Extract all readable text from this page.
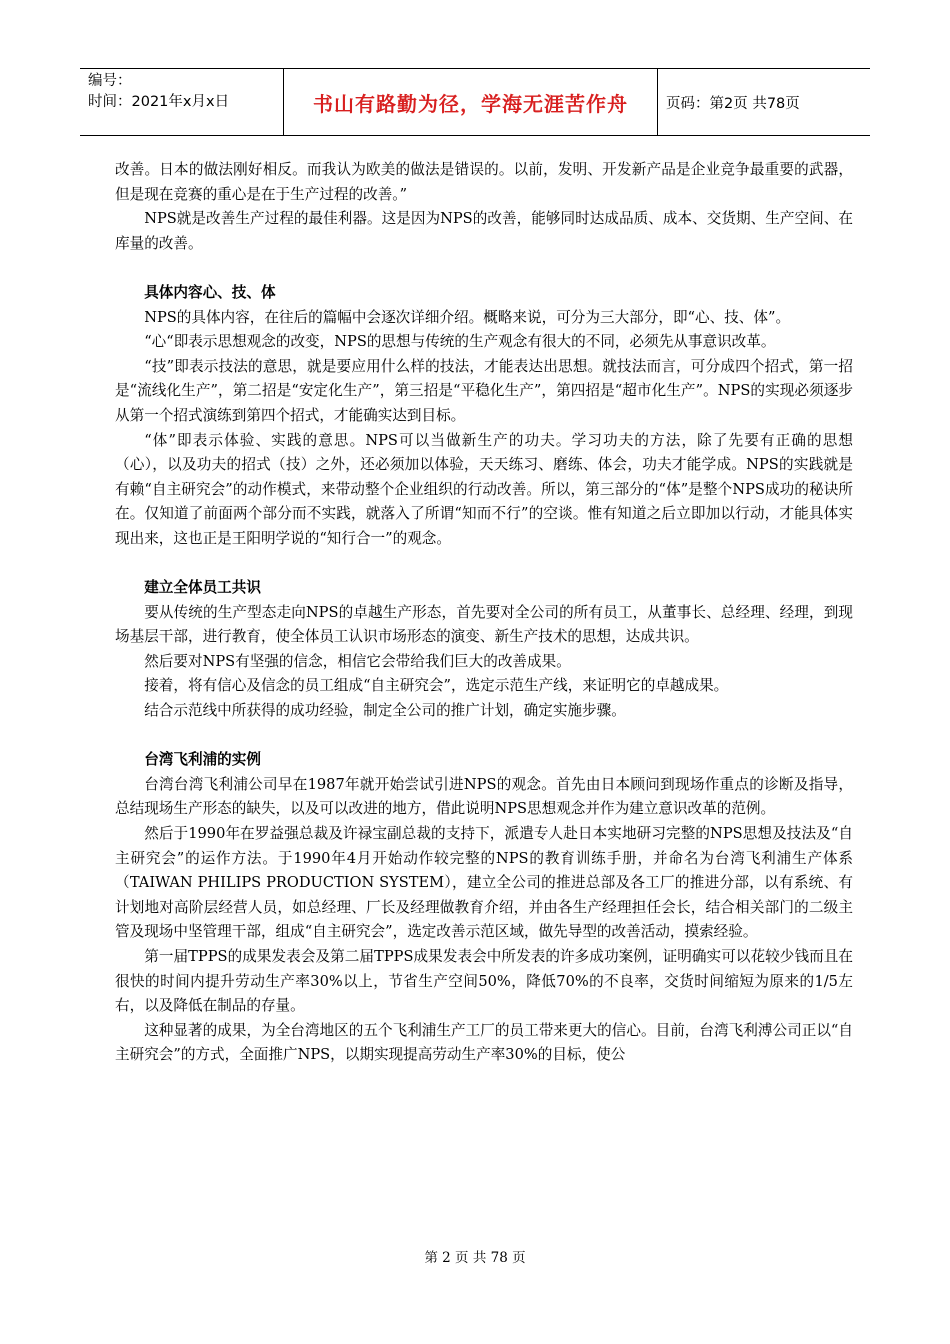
编号：
时间：2021年x月x日	书山有路勤为径，学海无涯苦作舟	页码：第2页 共78页

改善。日本的做法刚好相反。而我认为欧美的做法是错误的。以前，发明、开发新产品是企业竞争最重要的武器，但是现在竞赛的重心是在于生产过程的改善。”

NPS就是改善生产过程的最佳利器。这是因为NPS的改善，能够同时达成品质、成本、交货期、生产空间、在库量的改善。

具体内容心、技、体

NPS的具体内容，在往后的篇幅中会逐次详细介绍。概略来说，可分为三大部分，即“心、技、体”。

“心“即表示思想观念的改变，NPS的思想与传统的生产观念有很大的不同，必须先从事意识改革。

“技”即表示技法的意思，就是要应用什么样的技法，才能表达出思想。就技法而言，可分成四个招式，第一招是“流线化生产”，第二招是“安定化生产”，第三招是“平稳化生产”，第四招是“超市化生产”。NPS的实现必须逐步从第一个招式演练到第四个招式，才能确实达到目标。

“体”即表示体验、实践的意思。NPS可以当做新生产的功夫。学习功夫的方法，除了先要有正确的思想（心），以及功夫的招式（技）之外，还必须加以体验，天天练习、磨练、体会，功夫才能学成。NPS的实践就是有赖“自主研究会”的动作模式，来带动整个企业组织的行动改善。所以，第三部分的“体”是整个NPS成功的秘诀所在。仅知道了前面两个部分而不实践，就落入了所谓“知而不行”的空谈。惟有知道之后立即加以行动，才能具体实现出来，这也正是王阳明学说的“知行合一”的观念。

建立全体员工共识

要从传统的生产型态走向NPS的卓越生产形态，首先要对全公司的所有员工，从董事长、总经理、经理，到现场基层干部，进行教育，使全体员工认识市场形态的演变、新生产技术的思想，达成共识。

然后要对NPS有坚强的信念，相信它会带给我们巨大的改善成果。

接着，将有信心及信念的员工组成“自主研究会”，选定示范生产线，来证明它的卓越成果。

结合示范线中所获得的成功经验，制定全公司的推广计划，确定实施步骤。

台湾飞利浦的实例

台湾台湾飞利浦公司早在1987年就开始尝试引进NPS的观念。首先由日本顾问到现场作重点的诊断及指导，总结现场生产形态的缺失，以及可以改进的地方，借此说明NPS思想观念并作为建立意识改革的范例。

然后于1990年在罗益强总裁及许禄宝副总裁的支持下，派遣专人赴日本实地研习完整的NPS思想及技法及“自主研究会”的运作方法。于1990年4月开始动作较完整的NPS的教育训练手册，并命名为台湾飞利浦生产体系（TAIWAN PHILIPS PRODUCTION SYSTEM），建立全公司的推进总部及各工厂的推进分部，以有系统、有计划地对高阶层经营人员，如总经理、厂长及经理做教育介绍，并由各生产经理担任会长，结合相关部门的二级主管及现场中坚管理干部，组成“自主研究会”，选定改善示范区域，做先导型的改善活动，摸索经验。

第一届TPPS的成果发表会及第二届TPPS成果发表会中所发表的许多成功案例，证明确实可以花较少钱而且在很快的时间内提升劳动生产率30%以上，节省生产空间50%，降低70%的不良率，交货时间缩短为原来的1/5左右，以及降低在制品的存量。

这种显著的成果，为全台湾地区的五个飞利浦生产工厂的员工带来更大的信心。目前，台湾飞利溥公司正以“自主研究会”的方式，全面推广NPS，以期实现提高劳动生产率30%的目标，使公

第 2 页 共 78 页
